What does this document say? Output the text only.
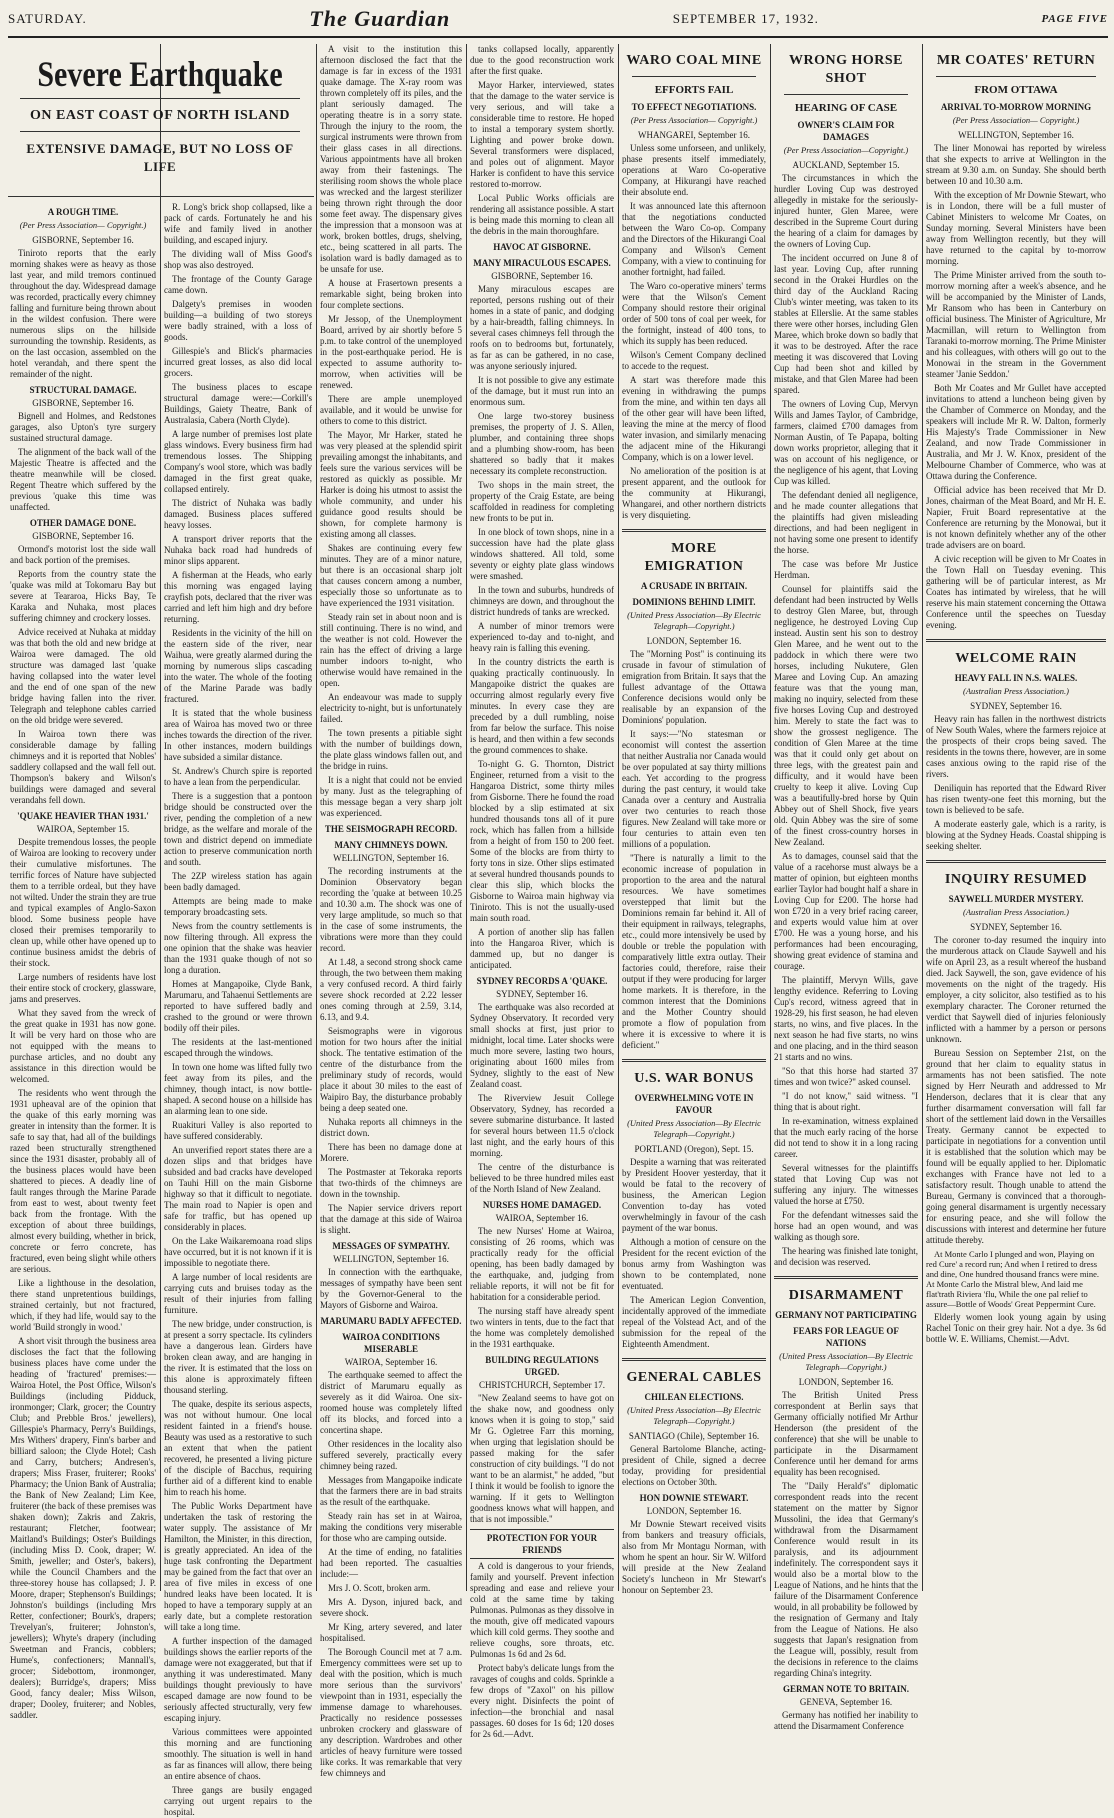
SATURDAY.	The Guardian	SEPTEMBER 17, 1932.	PAGE FIVE
Severe Earthquake
ON EAST COAST OF NORTH ISLAND
EXTENSIVE DAMAGE, BUT NO LOSS OF LIFE
A ROUGH TIME.
(Per Press Association— Copyright.)
GISBORNE, September 16.

Tiniroto reports that the early morning shakes were as heavy as those last year, and mild tremors continued throughout the day. Widespread damage was recorded, practically every chimney falling and furniture being thrown about in the wildest confusion. There were numerous slips on the hillside surrounding the township. Residents, as on the last occasion, assembled on the hotel verandah, and there spent the remainder of the night.

STRUCTURAL DAMAGE.
GISBORNE, September 16.

Bignell and Holmes, and Redstones garages, also Upton's tyre surgery sustained structural damage.

The alignment of the back wall of the Majestic Theatre is affected and the theatre meanwhile will be closed. Regent Theatre which suffered by the previous 'quake this time was unaffected.

OTHER DAMAGE DONE.
GISBORNE, September 16.

Ormond's motorist lost the side wall and back portion of the premises.

Reports from the country state the 'quake was mild at Tokomaru Bay but severe at Teararoa, Hicks Bay, Te Karaka and Nuhaka, most places suffering chimney and crockery losses.

Advice received at Nuhaka at midday was that both the old and new bridge at Wairoa were damaged. The old structure was damaged last 'quake having collapsed into the water level and the end of one span of the new bridge having fallen into the river. Telegraph and telephone cables carried on the old bridge were severed.

In Wairoa town there was considerable damage by falling chimneys and it is reported that Nobles' saddlery collapsed and the wall fell out. Thompson's bakery and Wilson's buildings were damaged and several verandahs fell down.

'QUAKE HEAVIER THAN 1931.'
WAIROA, September 15.

Despite tremendous losses, the people of Wairoa are looking to recovery under their cumulative misfortunes. The terrific forces of Nature have subjected them to a terrible ordeal, but they have not wilted. Under the strain they are true and typical examples of Anglo-Saxon blood. Some business people have closed their premises temporarily to clean up, while other have opened up to continue business amidst the debris of their stock.

Large numbers of residents have lost their entire stock of crockery, glassware, jams and preserves.

What they saved from the wreck of the great quake in 1931 has now gone. It will be very hard on those who are not equipped with the means to purchase articles, and no doubt any assistance in this direction would be welcomed.

The residents who went through the 1931 upheaval are of the opinion that the quake of this early morning was greater in intensity than the former. It is safe to say that, had all of the buildings razed been structurally strengthened since the 1931 disaster, probably all of the business places would have been shattered to pieces. A deadly line of fault ranges through the Marine Parade from east to west, about twenty feet back from the frontage. With the exception of about three buildings, almost every building, whether in brick, concrete or ferro concrete, has fractured, even being slight while others are serious.

Like a lighthouse in the desolation, there stand unpretentious buildings, strained certainly, but not fractured, which, if they had life, would say to the world 'Build strongly in wood.'

A short visit through the business area discloses the fact that the following business places have come under the heading of 'fractured' premises:—Wairoa Hotel, the Post Office, Wilson's Buildings (including Pidduck, ironmonger; Clark, grocer; the Country Club; and Prebble Bros.' jewellers), Gillespie's Pharmacy, Perry's Buildings, Mrs Withers' drapery, Finn's barber and billiard saloon; the Clyde Hotel; Cash and Carry, butchers; Andresen's, drapers; Miss Fraser, fruiterer; Rooks' Pharmacy; the Union Bank of Australia; the Bank of New Zealand; Lim Kee, fruiterer (the back of these premises was shaken down); Zakris and Zakris, restaurant; Fletcher, footwear; Maitland's Buildings; Oster's Buildings (including Miss D. Cook, draper; W. Smith, jeweller; and Oster's, bakers), while the Council Chambers and the three-storey house has collapsed; J. P. Moore, draper; Stephenson's Buildings; Johnston's buildings (including Mrs Retter, confectioner; Bourk's, drapers; Trevelyan's, fruiterer; Johnston's, jewellers); Whyte's drapery (including Sweetman and Francis, cobblers; Hume's, confectioners; Mannall's, grocer; Sidebottom, ironmonger, dealers); Burridge's, drapers; Miss Good, fancy dealer; Miss Wilson, draper; Dooley, fruiterer; and Nobles, saddler.

R. Long's brick shop collapsed, like a pack of cards. Fortunately he and his wife and family lived in another building, and escaped injury.

The dividing wall of Miss Good's shop was also destroyed.

The frontage of the County Garage came down.

Dalgety's premises in wooden building—a building of two storeys were badly strained, with a loss of goods.

Gillespie's and Blick's pharmacies incurred great losses, as also did local grocers.

The business places to escape structural damage were:—Corkill's Buildings, Gaiety Theatre, Bank of Australasia, Cabera (North Clyde).

A large number of premises lost plate glass windows. Every business firm had tremendous losses. The Shipping Company's wool store, which was badly damaged in the first great quake, collapsed entirely.

The district of Nuhaka was badly damaged. Business places suffered heavy losses.

A transport driver reports that the Nuhaka back road had hundreds of minor slips apparent.

A fisherman at the Heads, who early this morning was engaged laying crayfish pots, declared that the river was carried and left him high and dry before returning.

Residents in the vicinity of the hill on the eastern side of the river, near Waihua, were greatly alarmed during the morning by numerous slips cascading into the water. The whole of the footing of the Marine Parade was badly fractured.

It is stated that the whole business area of Wairoa has moved two or three inches towards the direction of the river. In other instances, modern buildings have subsided a similar distance.

St. Andrew's Church spire is reported to have a lean from the perpendicular.

There is a suggestion that a pontoon bridge should be constructed over the river, pending the completion of a new bridge, as the welfare and morale of the town and district depend on immediate action to preserve communication north and south.

The 2ZP wireless station has again been badly damaged.

Attempts are being made to make temporary broadcasting sets.

News from the country settlements is now filtering through. All express the one opinion that the shake was heavier than the 1931 quake though of not so long a duration.

Homes at Mangapoike, Clyde Bank, Marumaru, and Tahaenui Settlements are reported to have suffered badly and crashed to the ground or were thrown bodily off their piles.

The residents at the last-mentioned escaped through the windows.

In town one home was lifted fully two feet away from its piles, and the chimney, though intact, is now bottle-shaped. A second house on a hillside has an alarming lean to one side.

Ruakituri Valley is also reported to have suffered considerably.

An unverified report states there are a dozen slips and that bridges have subsided and bad cracks have developed on Tauhi Hill on the main Gisborne highway so that it difficult to negotiate. The main road to Napier is open and safe for traffic, but has opened up considerably in places.

On the Lake Waikaremoana road slips have occurred, but it is not known if it is impossible to negotiate there.

A large number of local residents are carrying cuts and bruises today as the result of their injuries from falling furniture.

The new bridge, under construction, is at present a sorry spectacle. Its cylinders have a dangerous lean. Girders have broken clean away, and are hanging in the river. It is estimated that the loss on this alone is approximately fifteen thousand sterling.

The quake, despite its serious aspects, was not without humour. One local resident fainted in a friend's house. Beauty was used as a restorative to such an extent that when the patient recovered, he presented a living picture of the disciple of Bacchus, requiring further aid of a different kind to enable him to reach his home.

The Public Works Department have undertaken the task of restoring the water supply. The assistance of Mr Hamilton, the Minister, in this direction, is greatly appreciated. An idea of the huge task confronting the Department may be gained from the fact that over an area of five miles in excess of one hundred leaks have been located. It is hoped to have a temporary supply at an early date, but a complete restoration will take a long time.

A further inspection of the damaged buildings shows the earlier reports of the damage were not exaggerated, but that if anything it was underestimated. Many buildings thought previously to have escaped damage are now found to be seriously affected structurally, very few escaping injury.

Various committees were appointed this morning and are functioning smoothly. The situation is well in hand as far as finances will allow, there being an entire absence of chaos.

Three gangs are busily engaged carrying out urgent repairs to the hospital.

A visit to the institution this afternoon disclosed the fact that the damage is far in excess of the 1931 quake damage. The X-ray room was thrown completely off its piles, and the plant seriously damaged. The operating theatre is in a sorry state. Through the injury to the room, the surgical instruments were thrown from their glass cases in all directions. Various appointments have all broken away from their fastenings. The sterilising room shows the whole place was wrecked and the largest sterilizer being thrown right through the door some feet away. The dispensary gives the impression that a monsoon was at work, broken bottles, drugs, shelving, etc., being scattered in all parts. The isolation ward is badly damaged as to be unsafe for use.

A house at Frasertown presents a remarkable sight, being broken into four complete sections.

Mr Jessop, of the Unemployment Board, arrived by air shortly before 5 p.m. to take control of the unemployed in the post-earthquake period. He is expected to assume authority to-morrow, when activities will be renewed.

There are ample unemployed available, and it would be unwise for others to come to this district.

The Mayor, Mr Harker, stated he was very pleased at the splendid spirit prevailing amongst the inhabitants, and feels sure the various services will be restored as quickly as possible. Mr Harker is doing his utmost to assist the whole community, and under his guidance good results should be shown, for complete harmony is existing among all classes.

Shakes are continuing every few minutes. They are of a minor nature, but there is an occasional sharp jolt that causes concern among a number, especially those so unfortunate as to have experienced the 1931 visitation.

Steady rain set in about noon and is still continuing. There is no wind, and the weather is not cold. However the rain has the effect of driving a large number indoors to-night, who otherwise would have remained in the open.

An endeavour was made to supply electricity to-night, but is unfortunately failed.

The town presents a pitiable sight with the number of buildings down, the plate glass windows fallen out, and the bridge in ruins.

It is a night that could not be envied by many. Just as the telegraphing of this message began a very sharp jolt was experienced.

THE SEISMOGRAPH RECORD.
MANY CHIMNEYS DOWN.
WELLINGTON, September 16.

The recording instruments at the Dominion Observatory began recording the 'quake at between 10.25 and 10.30 a.m. The shock was one of very large amplitude, so much so that in the case of some instruments, the vibrations were more than they could record.

At 1.48, a second strong shock came through, the two between them making a very confused record. A third fairly severe shock recorded at 2.22 lesser ones coming through at 2.59, 3.14, 6.13, and 9.4.

Seismographs were in vigorous motion for two hours after the initial shock. The tentative estimation of the centre of the disturbance from the preliminary study of records, would place it about 30 miles to the east of Waipiro Bay, the disturbance probably being a deep seated one.

Nuhaka reports all chimneys in the district down.

There has been no damage done at Morere.

The Postmaster at Tekoraka reports that two-thirds of the chimneys are down in the township.

The Napier service drivers report that the damage at this side of Wairoa is slight.

MESSAGES OF SYMPATHY.
WELLINGTON, September 16.

In connection with the earthquake, messages of sympathy have been sent by the Governor-General to the Mayors of Gisborne and Wairoa.

MARUMARU BADLY AFFECTED.
WAIROA CONDITIONS MISERABLE
WAIROA, September 16.

The earthquake seemed to affect the district of Marumaru equally as severely as it did Wairoa. One six-roomed house was completely lifted off its blocks, and forced into a concertina shape.

Other residences in the locality also suffered severely, practically every chimney being razed.

Messages from Mangapoike indicate that the farmers there are in bad straits as the result of the earthquake.

Steady rain has set in at Wairoa, making the conditions very miserable for those who are camping outside.

At the time of ending, no fatalities had been reported. The casualties include:—

Mrs J. O. Scott, broken arm.

Mrs A. Dyson, injured back, and severe shock.

Mr King, artery severed, and later hospitalised.

The Borough Council met at 7 a.m. Emergency committees were set up to deal with the position, which is much more serious than the survivors' viewpoint than in 1931, especially the immense damage to wharehouses. Practically no residence possesses unbroken crockery and glassware of any description. Wardrobes and other articles of heavy furniture were tossed like corks. It was remarkable that very few chimneys and

tanks collapsed locally, apparently due to the good reconstruction work after the first quake.

Mayor Harker, interviewed, states that the damage to the water service is very serious, and will take a considerable time to restore. He hoped to instal a temporary system shortly. Lighting and power broke down. Several transformers were displaced, and poles out of alignment. Mayor Harker is confident to have this service restored to-morrow.

Local Public Works officials are rendering all assistance possible. A start is being made this morning to clean all the debris in the main thoroughfare.

HAVOC AT GISBORNE.
MANY MIRACULOUS ESCAPES.
GISBORNE, September 16.

Many miraculous escapes are reported, persons rushing out of their homes in a state of panic, and dodging by a hair-breadth, falling chimneys. In several cases chimneys fell through the roofs on to bedrooms but, fortunately, as far as can be gathered, in no case, was anyone seriously injured.

It is not possible to give any estimate of the damage, but it must run into an enormous sum.

One large two-storey business premises, the property of J. S. Allen, plumber, and containing three shops and a plumbing show-room, has been shattered so badly that it makes necessary its complete reconstruction.

Two shops in the main street, the property of the Craig Estate, are being scaffolded in readiness for completing new fronts to be put in.

In one block of town shops, nine in a succession have had the plate glass windows shattered. All told, some seventy or eighty plate glass windows were smashed.

In the town and suburbs, hundreds of chimneys are down, and throughout the district hundreds of tanks are wrecked.

A number of minor tremors were experienced to-day and to-night, and heavy rain is falling this evening.

In the country districts the earth is quaking practically continuously. In Mangapoike district the quakes are occurring almost regularly every five minutes. In every case they are preceded by a dull rumbling, noise from far below the surface. This noise is heard, and then within a few seconds the ground commences to shake.

To-night G. G. Thornton, District Engineer, returned from a visit to the Hangaroa District, some thirty miles from Gisborne. There he found the road blocked by a slip estimated at six hundred thousands tons all of it pure rock, which has fallen from a hillside from a height of from 150 to 200 feet. Some of the blocks are from thirty to forty tons in size. Other slips estimated at several hundred thousands pounds to clear this slip, which blocks the Gisborne to Wairoa main highway via Tiniroto. This is not the usually-used main south road.

A portion of another slip has fallen into the Hangaroa River, which is dammed up, but no danger is anticipated.

SYDNEY RECORDS A 'QUAKE.
SYDNEY, September 16.

The earthquake was also recorded at Sydney Observatory. It recorded very small shocks at first, just prior to midnight, local time. Later shocks were much more severe, lasting two hours, originating about 1600 miles from Sydney, slightly to the east of New Zealand coast.

The Riverview Jesuit College Observatory, Sydney, has recorded a severe submarine disturbance. It lasted for several hours between 11.5 o'clock last night, and the early hours of this morning.

The centre of the disturbance is believed to be three hundred miles east of the North Island of New Zealand.

NURSES HOME DAMAGED.
WAIROA, September 16.

The new Nurses' Home at Wairoa, consisting of 26 rooms, which was practically ready for the official opening, has been badly damaged by the earthquake, and, judging from reliable reports, it will not be fit for habitation for a considerable period.

The nursing staff have already spent two winters in tents, due to the fact that the home was completely demolished in the 1931 earthquake.

BUILDING REGULATIONS URGED.
CHRISTCHURCH, September 17.

"New Zealand seems to have got on the shake now, and goodness only knows when it is going to stop," said Mr G. Ogletree Farr this morning, when urging that legislation should be passed making for the safer construction of city buildings. "I do not want to be an alarmist," he added, "but I think it would be foolish to ignore the warning. If it gets to Wellington goodness knows what will happen, and that is not impossible."

PROTECTION FOR YOUR FRIENDS

A cold is dangerous to your friends, family and yourself. Prevent infection spreading and ease and relieve your cold at the same time by taking Pulmonas. Pulmonas as they dissolve in the mouth, give off medicated vapours which kill cold germs. They soothe and relieve coughs, sore throats, etc. Pulmonas 1s 6d and 2s 6d.

Protect baby's delicate lungs from the ravages of coughs and colds. Sprinkle a few drops of "Zaxol" on his pillow every night. Disinfects the point of infection—the bronchial and nasal passages. 60 doses for 1s 6d; 120 doses for 2s 6d.—Advt.

WARO COAL MINE
EFFORTS FAIL
TO EFFECT NEGOTIATIONS.
(Per Press Association— Copyright.)
WHANGAREI, September 16.

Unless some unforseen, and unlikely, phase presents itself immediately, operations at Waro Co-operative Company, at Hikurangi have reached their absolute end.

It was announced late this afternoon that the negotiations conducted between the Waro Co-op. Company and the Directors of the Hikurangi Coal Company and Wilson's Cement Company, with a view to continuing for another fortnight, had failed.

The Waro co-operative miners' terms were that the Wilson's Cement Company should restore their original order of 500 tons of coal per week, for the fortnight, instead of 400 tons, to which its supply has been reduced.

Wilson's Cement Company declined to accede to the request.

A start was therefore made this evening in withdrawing the pumps from the mine, and within ten days all of the other gear will have been lifted, leaving the mine at the mercy of flood water invasion, and similarly menacing the adjacent mine of the Hikurangi Company, which is on a lower level.

No amelioration of the position is at present apparent, and the outlook for the community at Hikurangi, Whangarei, and other northern districts is very disquieting.

MORE EMIGRATION
A CRUSADE IN BRITAIN.
DOMINIONS BEHIND LIMIT.
(United Press Association—By Electric Telegraph—Copyright.)
LONDON, September 16.

The "Morning Post" is continuing its crusade in favour of stimulation of emigration from Britain. It says that the fullest advantage of the Ottawa Conference decisions would only be realisable by an expansion of the Dominions' population.

It says:—"No statesman or economist will contest the assertion that neither Australia nor Canada would be over populated at say thirty millions each. Yet according to the progress during the past century, it would take Canada over a century and Australia over two centuries to reach those figures. New Zealand will take more or four centuries to attain even ten millions of a population.

"There is naturally a limit to the economic increase of population in proportion to the area and the natural resources. We have sometimes overstepped that limit but the Dominions remain far behind it. All of their equipment in railways, telegraphs, etc., could more intensively be used by double or treble the population with comparatively little extra outlay. Their factories could, therefore, raise their output if they were producing for larger home markets. It is therefore, in the common interest that the Dominions and the Mother Country should promote a flow of population from where it is excessive to where it is deficient."

U.S. WAR BONUS
OVERWHELMING VOTE IN FAVOUR
(United Press Association—By Electric Telegraph—Copyright.)
PORTLAND (Oregon), Sept. 15.

Despite a warning that was reiterated by President Hoover yesterday, that it would be fatal to the recovery of business, the American Legion Convention to-day has voted overwhelmingly in favour of the cash payment of the war bonus.

Although a motion of censure on the President for the recent eviction of the bonus army from Washington was shown to be contemplated, none eventuated.

The American Legion Convention, incidentally approved of the immediate repeal of the Volstead Act, and of the submission for the repeal of the Eighteenth Amendment.

GENERAL CABLES
CHILEAN ELECTIONS.
(United Press Association—By Electric Telegraph—Copyright.)
SANTIAGO (Chile), September 16.

General Bartolome Blanche, acting-president of Chile, signed a decree today, providing for presidential elections on October 30th.

HON DOWNIE STEWART.
LONDON, September 16.

Mr Downie Stewart received visits from bankers and treasury officials, also from Mr Montagu Norman, with whom he spent an hour. Sir W. Wilford will preside at the New Zealand Society's luncheon in Mr Stewart's honour on September 23.

WRONG HORSE SHOT
HEARING OF CASE
OWNER'S CLAIM FOR DAMAGES
(Per Press Association—Copyright.)
AUCKLAND, September 15.

The circumstances in which the hurdler Loving Cup was destroyed allegedly in mistake for the seriously-injured hunter, Glen Maree, were described in the Supreme Court during the hearing of a claim for damages by the owners of Loving Cup.

The incident occurred on June 8 of last year. Loving Cup, after running second in the Orakei Hurdles on the third day of the Auckland Racing Club's winter meeting, was taken to its stables at Ellerslie. At the same stables there were other horses, including Glen Maree, which broke down so badly that it was to be destroyed. After the race meeting it was discovered that Loving Cup had been shot and killed by mistake, and that Glen Maree had been spared.

The owners of Loving Cup, Mervyn Wills and James Taylor, of Cambridge, farmers, claimed £700 damages from Norman Austin, of Te Papapa, bolting down works proprietor, alleging that it was on account of his negligence, or the negligence of his agent, that Loving Cup was killed.

The defendant denied all negligence, and he made counter allegations that the plaintiffs had given misleading directions, and had been negligent in not having some one present to identify the horse.

The case was before Mr Justice Herdman.

Counsel for plaintiffs said the defendant had been instructed by Wells to destroy Glen Maree, but, through negligence, he destroyed Loving Cup instead. Austin sent his son to destroy Glen Maree, and he went out to the paddock in which there were two horses, including Nukutere, Glen Maree and Loving Cup. An amazing feature was that the young man, making no inquiry, selected from these five horses Loving Cup and destroyed him. Merely to state the fact was to show the grossest negligence. The condition of Glen Maree at the time was that it could only get about on three legs, with the greatest pain and difficulty, and it would have been cruelty to keep it alive. Loving Cup was a beautifully-bred horse by Quin Abbey out of Shell Shock, five years old. Quin Abbey was the sire of some of the finest cross-country horses in New Zealand.

As to damages, counsel said that the value of a racehorse must always be a matter of opinion, but eighteen months earlier Taylor had bought half a share in Loving Cup for £200. The horse had won £720 in a very brief racing career, and experts would value him at over £700. He was a young horse, and his performances had been encouraging, showing great evidence of stamina and courage.

The plaintiff, Mervyn Wills, gave lengthy evidence. Referring to Loving Cup's record, witness agreed that in 1928-29, his first season, he had eleven starts, no wins, and five places. In the next season he had five starts, no wins and one placing, and in the third season 21 starts and no wins.

"So that this horse had started 37 times and won twice?" asked counsel.

"I do not know," said witness. "I thing that is about right.

In re-examination, witness explained that the much early racing of the horse did not tend to show it in a long racing career.

Several witnesses for the plaintiffs stated that Loving Cup was not suffering any injury. The witnesses valued the horse at £750.

For the defendant witnesses said the horse had an open wound, and was walking as though sore.

The hearing was finished late tonight, and decision was reserved.

DISARMAMENT
GERMANY NOT PARTICIPATING
FEARS FOR LEAGUE OF NATIONS
(United Press Association—By Electric Telegraph—Copyright.)
LONDON, September 16.

The British United Press correspondent at Berlin says that Germany officially notified Mr Arthur Henderson (the president of the conference) that she will be unable to participate in the Disarmament Conference until her demand for arms equality has been recognised.

The "Daily Herald's" diplomatic correspondent reads into the recent statement on the matter by Signor Mussolini, the idea that Germany's withdrawal from the Disarmament Conference would result in its paralysis, and its adjournment indefinitely. The correspondent says it would also be a mortal blow to the League of Nations, and he hints that the failure of the Disarmament Conference would, in all probability be followed by the resignation of Germany and Italy from the League of Nations. He also suggests that Japan's resignation from the League will, possibly, result from the decisions in reference to the claims regarding China's integrity.

GERMAN NOTE TO BRITAIN.
GENEVA, September 16.

Germany has notified her inability to attend the Disarmament Conference

MR COATES' RETURN
FROM OTTAWA
ARRIVAL TO-MORROW MORNING
(Per Press Association— Copyright.)
WELLINGTON, September 16.

The liner Monowai has reported by wireless that she expects to arrive at Wellington in the stream at 9.30 a.m. on Sunday. She should berth between 10 and 10.30 a.m.

With the exception of Mr Downie Stewart, who is in London, there will be a full muster of Cabinet Ministers to welcome Mr Coates, on Sunday morning. Several Ministers have been away from Wellington recently, but they will have returned to the capital by to-morrow morning.

The Prime Minister arrived from the south to-morrow morning after a week's absence, and he will be accompanied by the Minister of Lands, Mr Ransom who has been in Canterbury on official business. The Minister of Agriculture, Mr Macmillan, will return to Wellington from Taranaki to-morrow morning. The Prime Minister and his colleagues, with others will go out to the Monowai in the stream in the Government steamer 'Janie Seddon.'

Both Mr Coates and Mr Gullet have accepted invitations to attend a luncheon being given by the Chamber of Commerce on Monday, and the speakers will include Mr R. W. Dalton, formerly His Majesty's Trade Commissioner in New Zealand, and now Trade Commissioner in Australia, and Mr J. W. Knox, president of the Melbourne Chamber of Commerce, who was at Ottawa during the Conference.

Official advice has been received that Mr D. Jones, chairman of the Meat Board, and Mr H. E. Napier, Fruit Board representative at the Conference are returning by the Monowai, but it is not known definitely whether any of the other trade advisers are on board.

A civic reception will be given to Mr Coates in the Town Hall on Tuesday evening. This gathering will be of particular interest, as Mr Coates has intimated by wireless, that he will reserve his main statement concerning the Ottawa Conference until the speeches on Tuesday evening.

WELCOME RAIN
HEAVY FALL IN N.S. WALES.
(Australian Press Association.)
SYDNEY, September 16.

Heavy rain has fallen in the northwest districts of New South Wales, where the farmers rejoice at the prospects of their crops being saved. The residents in the towns there, however, are in some cases anxious owing to the rapid rise of the rivers.

Deniliquin has reported that the Edward River has risen twenty-one feet this morning, but the town is believed to be safe.

A moderate easterly gale, which is a rarity, is blowing at the Sydney Heads. Coastal shipping is seeking shelter.

INQUIRY RESUMED
SAYWELL MURDER MYSTERY.
(Australian Press Association.)
SYDNEY, September 16.

The coroner to-day resumed the inquiry into the murderous attack on Claude Saywell and his wife on April 23, as a result whereof the husband died. Jack Saywell, the son, gave evidence of his movements on the night of the tragedy. His employer, a city solicitor, also testified as to his exemplary character. The Coroner returned the verdict that Saywell died of injuries feloniously inflicted with a hammer by a person or persons unknown.

Bureau Session on September 21st, on the ground that her claim to equality status in armaments has not been satisfied. The note signed by Herr Neurath and addressed to Mr Henderson, declares that it is clear that any further disarmament conversation will fall far short of the settlement laid down in the Versailles Treaty. Germany cannot be expected to participate in negotiations for a convention until it is established that the solution which may be found will be equally applied to her. Diplomatic exchanges with France have not led to a satisfactory result. Though unable to attend the Bureau, Germany is convinced that a thorough-going general disarmament is urgently necessary for ensuring peace, and she will follow the discussions with interest and determine her future attitude thereby.

At Monte Carlo I plunged and won, Playing on red Cure' a record run; And when I retired to dress and dine, One hundred thousand francs were mine. At Monte Carlo the Mistral blew, And laid me flat'trath Riviera 'flu, While the one pal relief to assure—Bottle of Woods' Great Peppermint Cure.

Elderly women look young again by using Rachel Tonic on their grey hair. Not a dye. 3s 6d bottle W. E. Williams, Chemist.—Advt.
